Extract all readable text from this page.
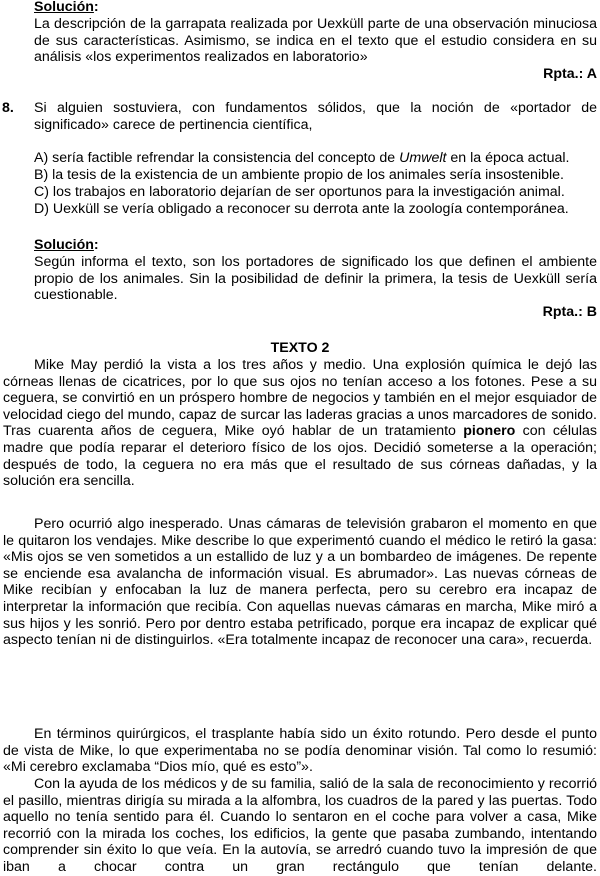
Solución:
La descripción de la garrapata realizada por Uexküll parte de una observación minuciosa de sus características. Asimismo, se indica en el texto que el estudio considera en su análisis «los experimentos realizados en laboratorio»
Rpta.: A
8. Si alguien sostuviera, con fundamentos sólidos, que la noción de «portador de significado» carece de pertinencia científica,
A) sería factible refrendar la consistencia del concepto de Umwelt en la época actual.
B) la tesis de la existencia de un ambiente propio de los animales sería insostenible.
C) los trabajos en laboratorio dejarían de ser oportunos para la investigación animal.
D) Uexküll se vería obligado a reconocer su derrota ante la zoología contemporánea.
Solución:
Según informa el texto, son los portadores de significado los que definen el ambiente propio de los animales. Sin la posibilidad de definir la primera, la tesis de Uexküll sería cuestionable.
Rpta.: B
TEXTO 2
Mike May perdió la vista a los tres años y medio. Una explosión química le dejó las córneas llenas de cicatrices, por lo que sus ojos no tenían acceso a los fotones. Pese a su ceguera, se convirtió en un próspero hombre de negocios y también en el mejor esquiador de velocidad ciego del mundo, capaz de surcar las laderas gracias a unos marcadores de sonido. Tras cuarenta años de ceguera, Mike oyó hablar de un tratamiento pionero con células madre que podía reparar el deterioro físico de los ojos. Decidió someterse a la operación; después de todo, la ceguera no era más que el resultado de sus córneas dañadas, y la solución era sencilla.
Pero ocurrió algo inesperado. Unas cámaras de televisión grabaron el momento en que le quitaron los vendajes. Mike describe lo que experimentó cuando el médico le retiró la gasa: «Mis ojos se ven sometidos a un estallido de luz y a un bombardeo de imágenes. De repente se enciende esa avalancha de información visual. Es abrumador». Las nuevas córneas de Mike recibían y enfocaban la luz de manera perfecta, pero su cerebro era incapaz de interpretar la información que recibía. Con aquellas nuevas cámaras en marcha, Mike miró a sus hijos y les sonrió. Pero por dentro estaba petrificado, porque era incapaz de explicar qué aspecto tenían ni de distinguirlos. «Era totalmente incapaz de reconocer una cara», recuerda.
En términos quirúrgicos, el trasplante había sido un éxito rotundo. Pero desde el punto de vista de Mike, lo que experimentaba no se podía denominar visión. Tal como lo resumió: «Mi cerebro exclamaba “Dios mío, qué es esto”».
Con la ayuda de los médicos y de su familia, salió de la sala de reconocimiento y recorrió el pasillo, mientras dirigía su mirada a la alfombra, los cuadros de la pared y las puertas. Todo aquello no tenía sentido para él. Cuando lo sentaron en el coche para volver a casa, Mike recorrió con la mirada los coches, los edificios, la gente que pasaba zumbando, intentando comprender sin éxito lo que veía. En la autovía, se arredró cuando tuvo la impresión de que iban a chocar contra un gran rectángulo que tenían delante.
